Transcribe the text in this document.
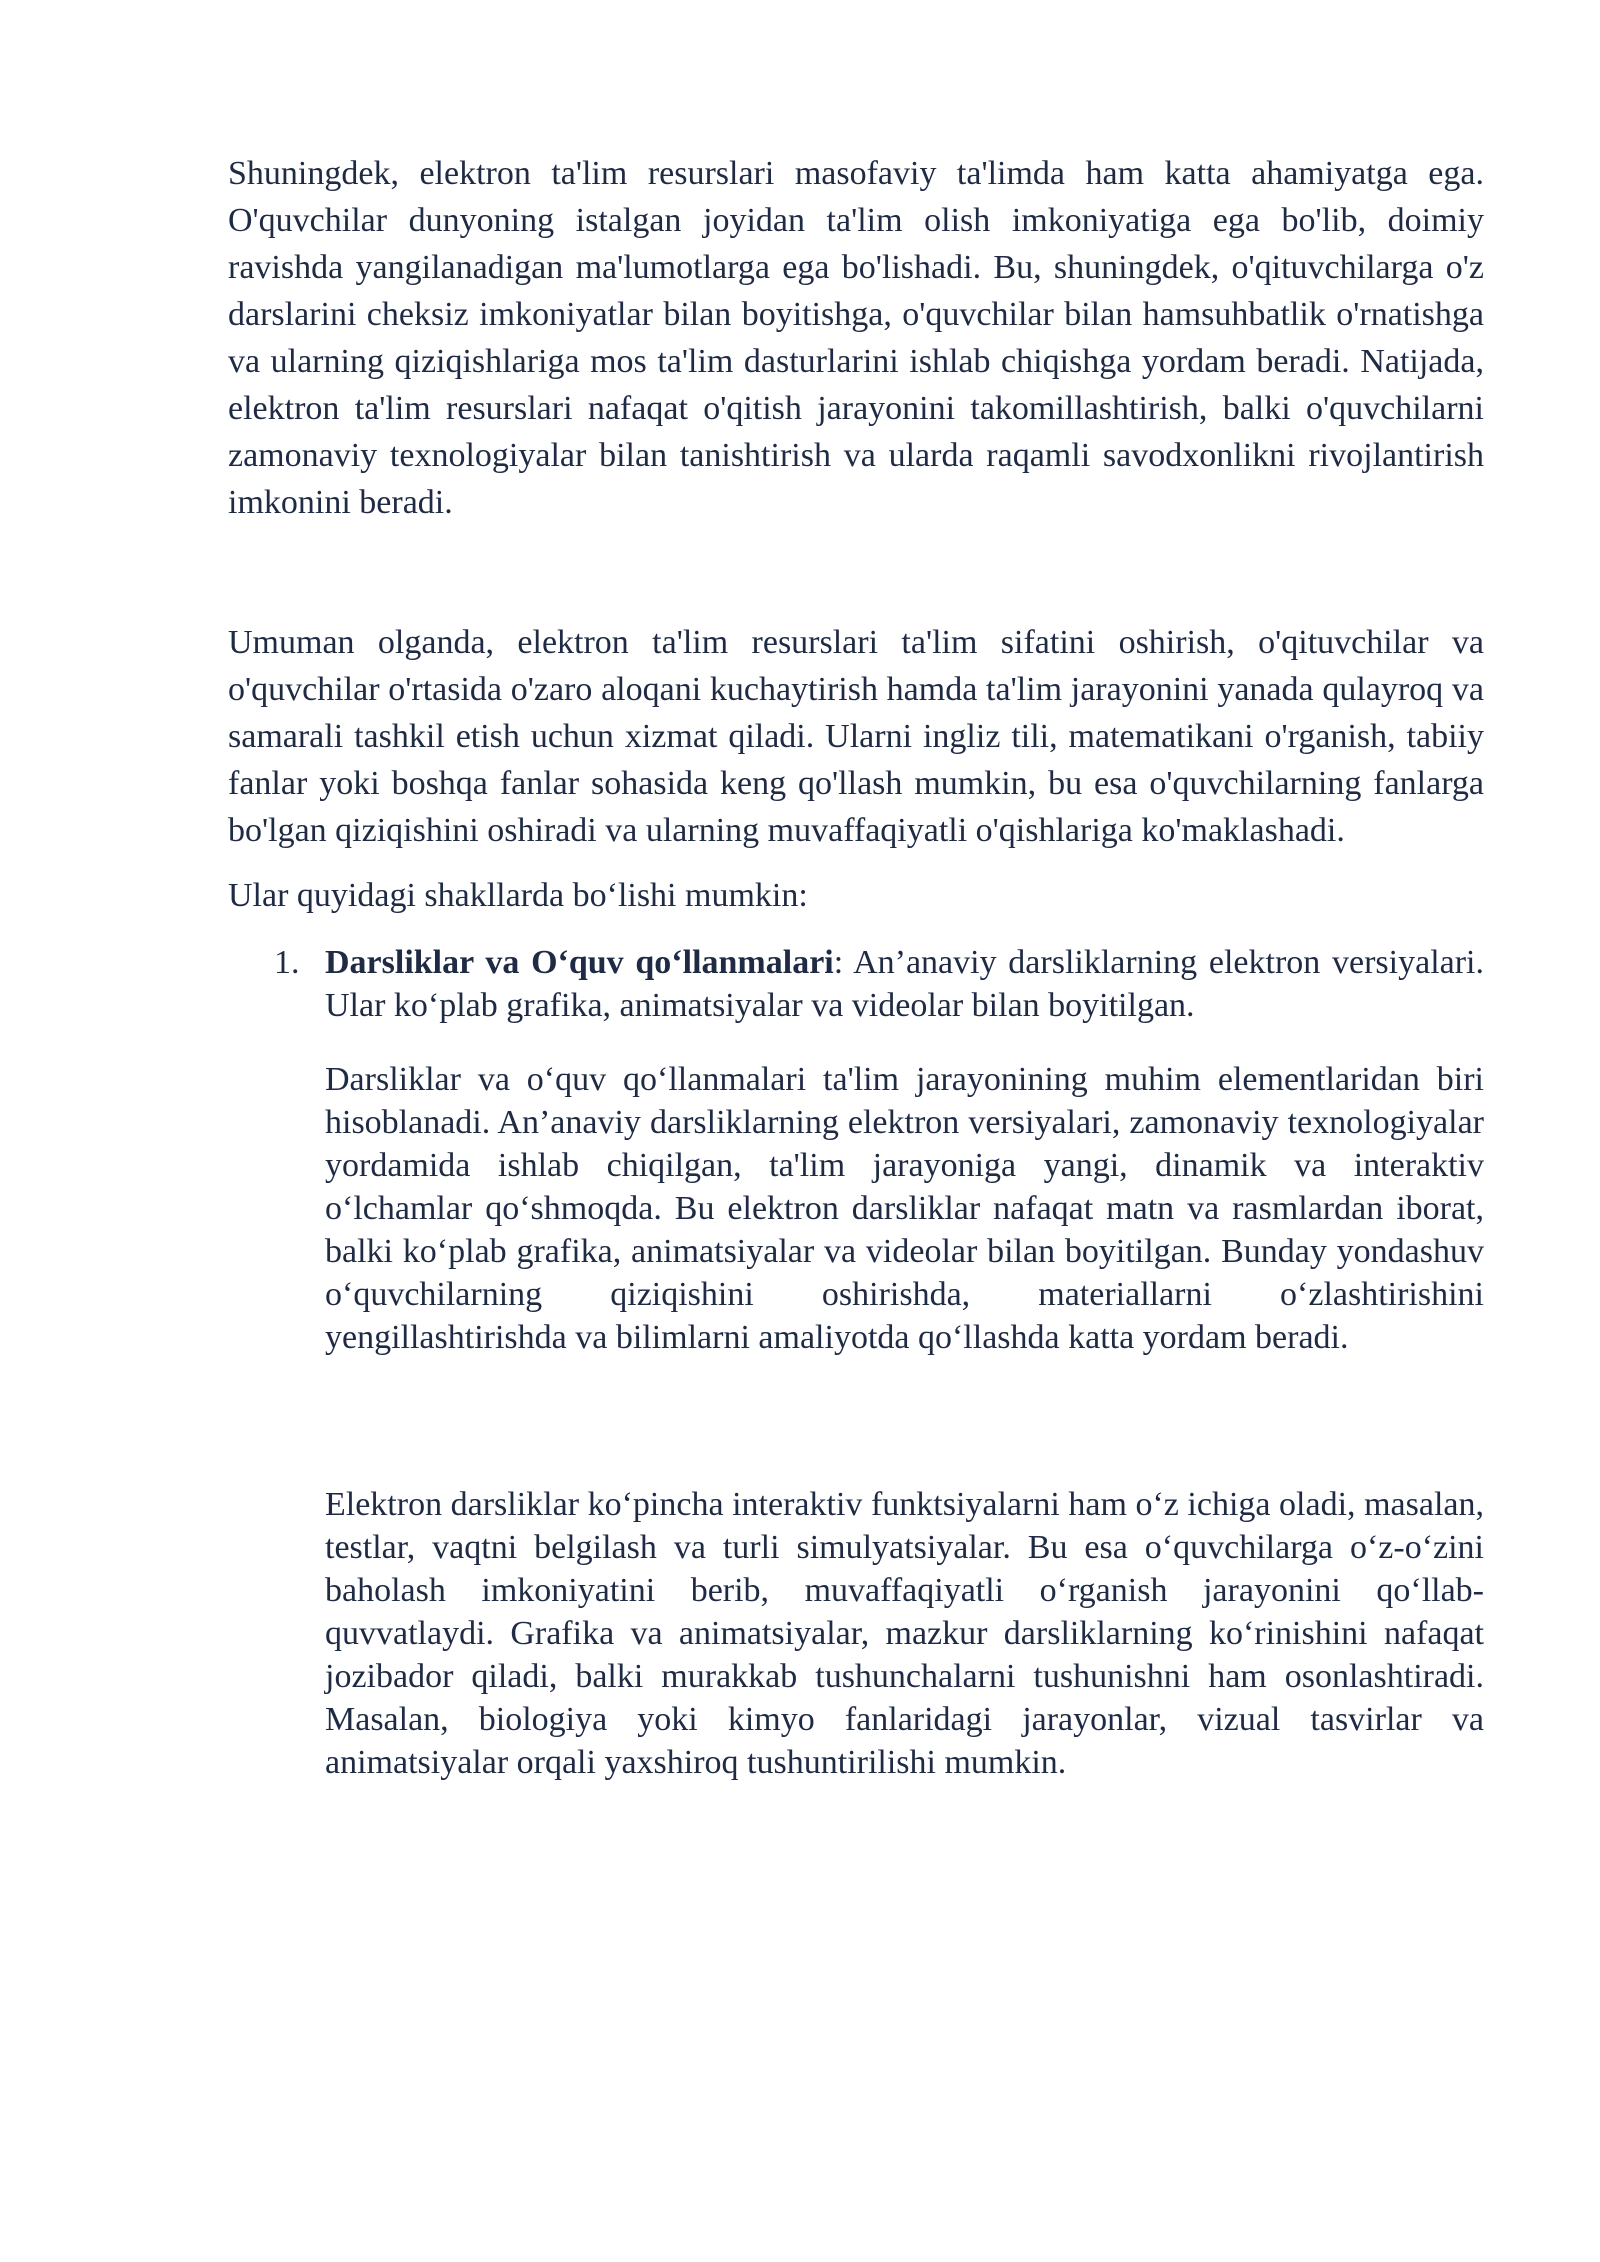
Shuningdek, elektron ta'lim resurslari masofaviy ta'limda ham katta ahamiyatga ega. O'quvchilar dunyoning istalgan joyidan ta'lim olish imkoniyatiga ega bo'lib, doimiy ravishda yangilanadigan ma'lumotlarga ega bo'lishadi. Bu, shuningdek, o'qituvchilarga o'z darslarini cheksiz imkoniyatlar bilan boyitishga, o'quvchilar bilan hamsuhbatlik o'rnatishga va ularning qiziqishlariga mos ta'lim dasturlarini ishlab chiqishga yordam beradi. Natijada, elektron ta'lim resurslari nafaqat o'qitish jarayonini takomillashtirish, balki o'quvchilarni zamonaviy texnologiyalar bilan tanishtirish va ularda raqamli savodxonlikni rivojlantirish imkonini beradi.

Umuman olganda, elektron ta'lim resurslari ta'lim sifatini oshirish, o'qituvchilar va o'quvchilar o'rtasida o'zaro aloqani kuchaytirish hamda ta'lim jarayonini yanada qulayroq va samarali tashkil etish uchun xizmat qiladi. Ularni ingliz tili, matematikani o'rganish, tabiiy fanlar yoki boshqa fanlar sohasida keng qo'llash mumkin, bu esa o'quvchilarning fanlarga bo'lgan qiziqishini oshiradi va ularning muvaffaqiyatli o'qishlariga ko'maklashadi.

Ular quyidagi shakllarda bo‘lishi mumkin:

1. Darsliklar va O‘quv qo‘llanmalari: An’anaviy darsliklarning elektron versiyalari. Ular ko‘plab grafika, animatsiyalar va videolar bilan boyitilgan.

Darsliklar va o‘quv qo‘llanmalari ta'lim jarayonining muhim elementlaridan biri hisoblanadi. An’anaviy darsliklarning elektron versiyalari, zamonaviy texnologiyalar yordamida ishlab chiqilgan, ta'lim jarayoniga yangi, dinamik va interaktiv o‘lchamlar qo‘shmoqda. Bu elektron darsliklar nafaqat matn va rasmlardan iborat, balki ko‘plab grafika, animatsiyalar va videolar bilan boyitilgan. Bunday yondashuv o‘quvchilarning qiziqishini oshirishda, materiallarni o‘zlashtirishini yengillashtirishda va bilimlarni amaliyotda qo‘llashda katta yordam beradi.

Elektron darsliklar ko‘pincha interaktiv funktsiyalarni ham o‘z ichiga oladi, masalan, testlar, vaqtni belgilash va turli simulyatsiyalar. Bu esa o‘quvchilarga o‘z-o‘zini baholash imkoniyatini berib, muvaffaqiyatli o‘rganish jarayonini qo‘llab-quvvatlaydi. Grafika va animatsiyalar, mazkur darsliklarning ko‘rinishini nafaqat jozibador qiladi, balki murakkab tushunchalarni tushunishni ham osonlashtiradi. Masalan, biologiya yoki kimyo fanlaridagi jarayonlar, vizual tasvirlar va animatsiyalar orqali yaxshiroq tushuntirilishi mumkin.
